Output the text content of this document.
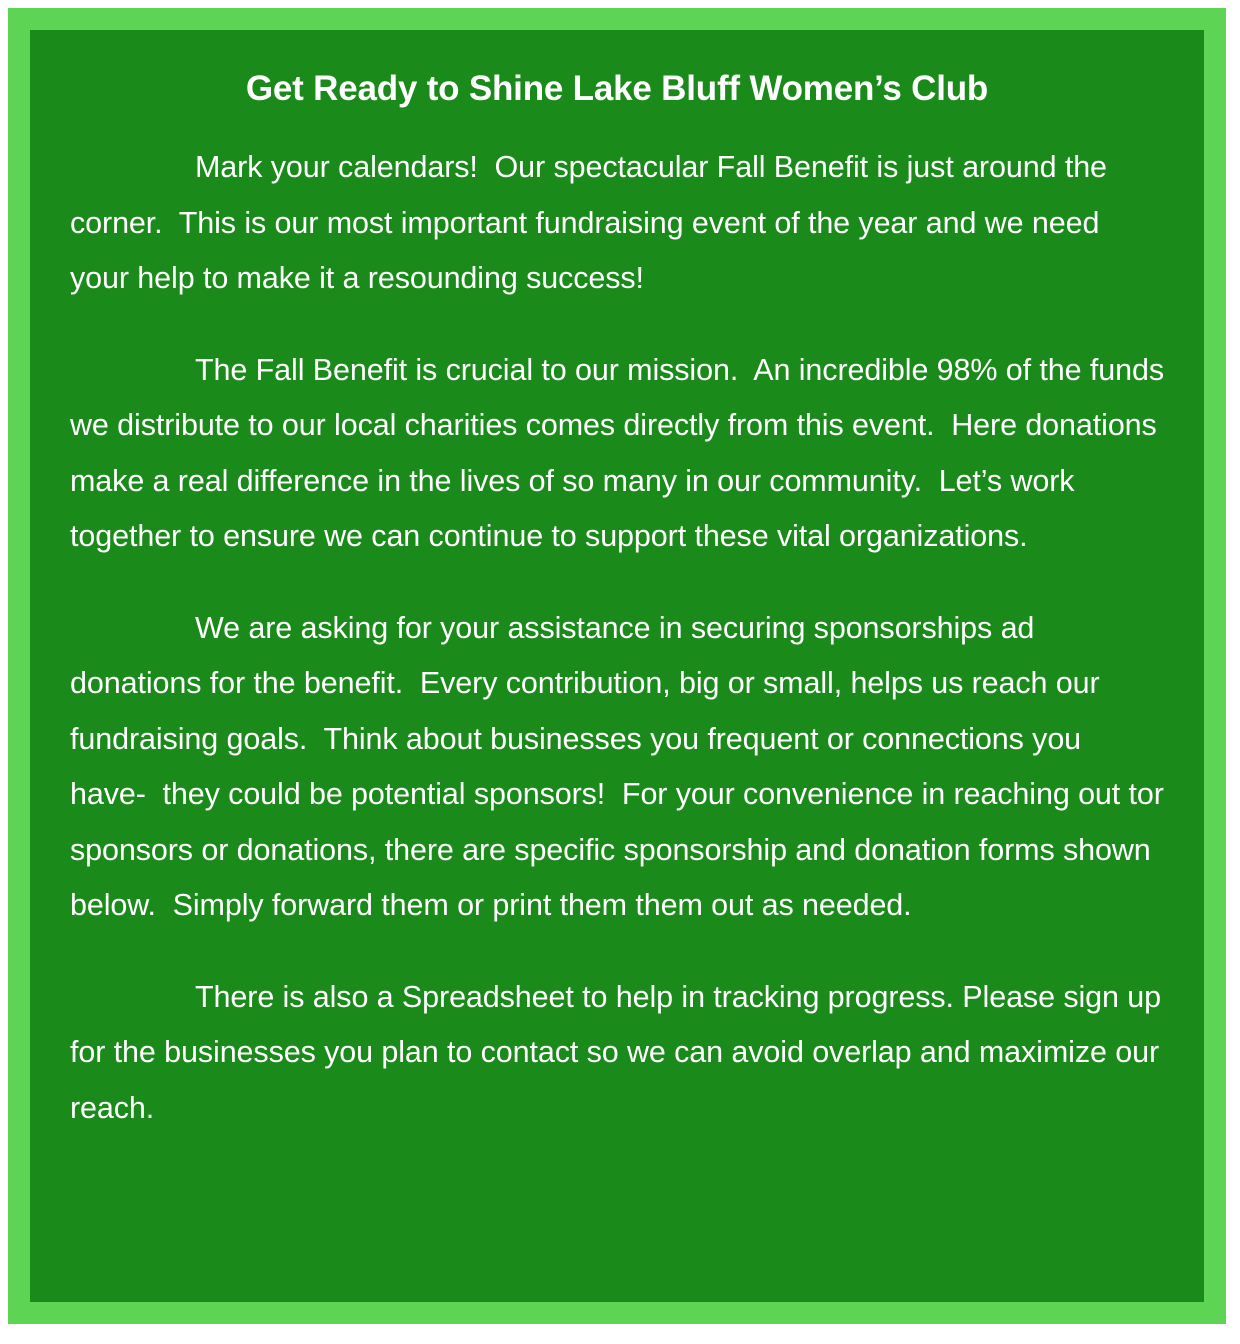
Get Ready to Shine Lake Bluff Women’s Club

Mark your calendars!  Our spectacular Fall Benefit is just around the corner.  This is our most important fundraising event of the year and we need your help to make it a resounding success!

The Fall Benefit is crucial to our mission.  An incredible 98% of the funds we distribute to our local charities comes directly from this event.  Here donations make a real difference in the lives of so many in our community.  Let’s work together to ensure we can continue to support these vital organizations.

We are asking for your assistance in securing sponsorships ad donations for the benefit.  Every contribution, big or small, helps us reach our fundraising goals.  Think about businesses you frequent or connections you have-  they could be potential sponsors!  For your convenience in reaching out tor sponsors or donations, there are specific sponsorship and donation forms shown below.  Simply forward them or print them them out as needed.

There is also a Spreadsheet to help in tracking progress. Please sign up for the businesses you plan to contact so we can avoid overlap and maximize our reach.
